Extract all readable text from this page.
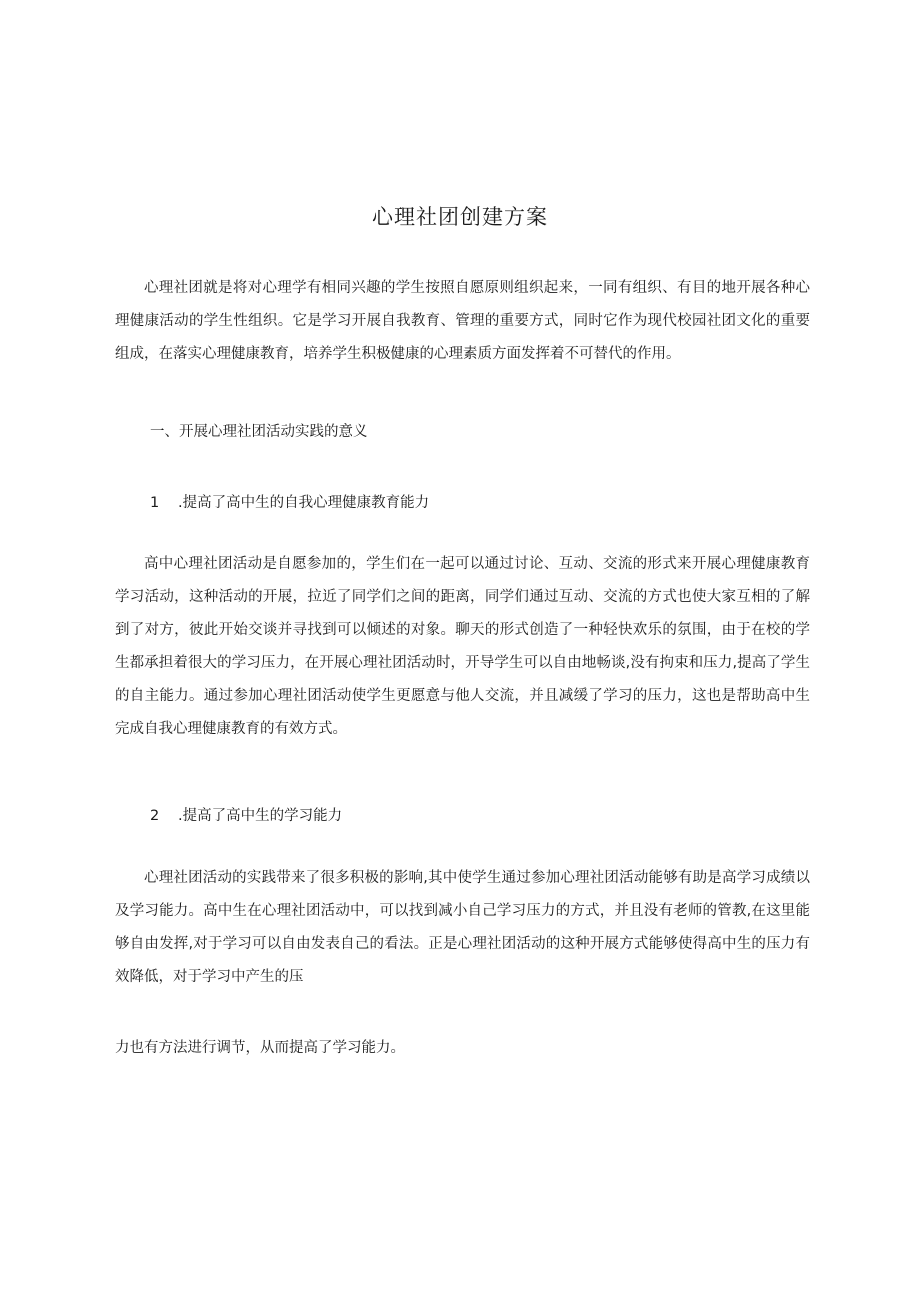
心理社团创建方案

心理社团就是将对心理学有相同兴趣的学生按照自愿原则组织起来，一同有组织、有目的地开展各种心理健康活动的学生性组织。它是学习开展自我教育、管理的重要方式，同时它作为现代校园社团文化的重要组成，在落实心理健康教育，培养学生积极健康的心理素质方面发挥着不可替代的作用。

一、开展心理社团活动实践的意义

1 .提高了高中生的自我心理健康教育能力

高中心理社团活动是自愿参加的，学生们在一起可以通过讨论、互动、交流的形式来开展心理健康教育学习活动，这种活动的开展，拉近了同学们之间的距离，同学们通过互动、交流的方式也使大家互相的了解到了对方，彼此开始交谈并寻找到可以倾述的对象。聊天的形式创造了一种轻快欢乐的氛围，由于在校的学生都承担着很大的学习压力，在开展心理社团活动时，开导学生可以自由地畅谈,没有拘束和压力,提高了学生的自主能力。通过参加心理社团活动使学生更愿意与他人交流，并且减缓了学习的压力，这也是帮助高中生完成自我心理健康教育的有效方式。

2 .提高了高中生的学习能力

心理社团活动的实践带来了很多积极的影响,其中使学生通过参加心理社团活动能够有助是高学习成绩以及学习能力。高中生在心理社团活动中，可以找到减小自己学习压力的方式，并且没有老师的管教,在这里能够自由发挥,对于学习可以自由发表自己的看法。正是心理社团活动的这种开展方式能够使得高中生的压力有效降低，对于学习中产生的压

力也有方法进行调节，从而提高了学习能力。
